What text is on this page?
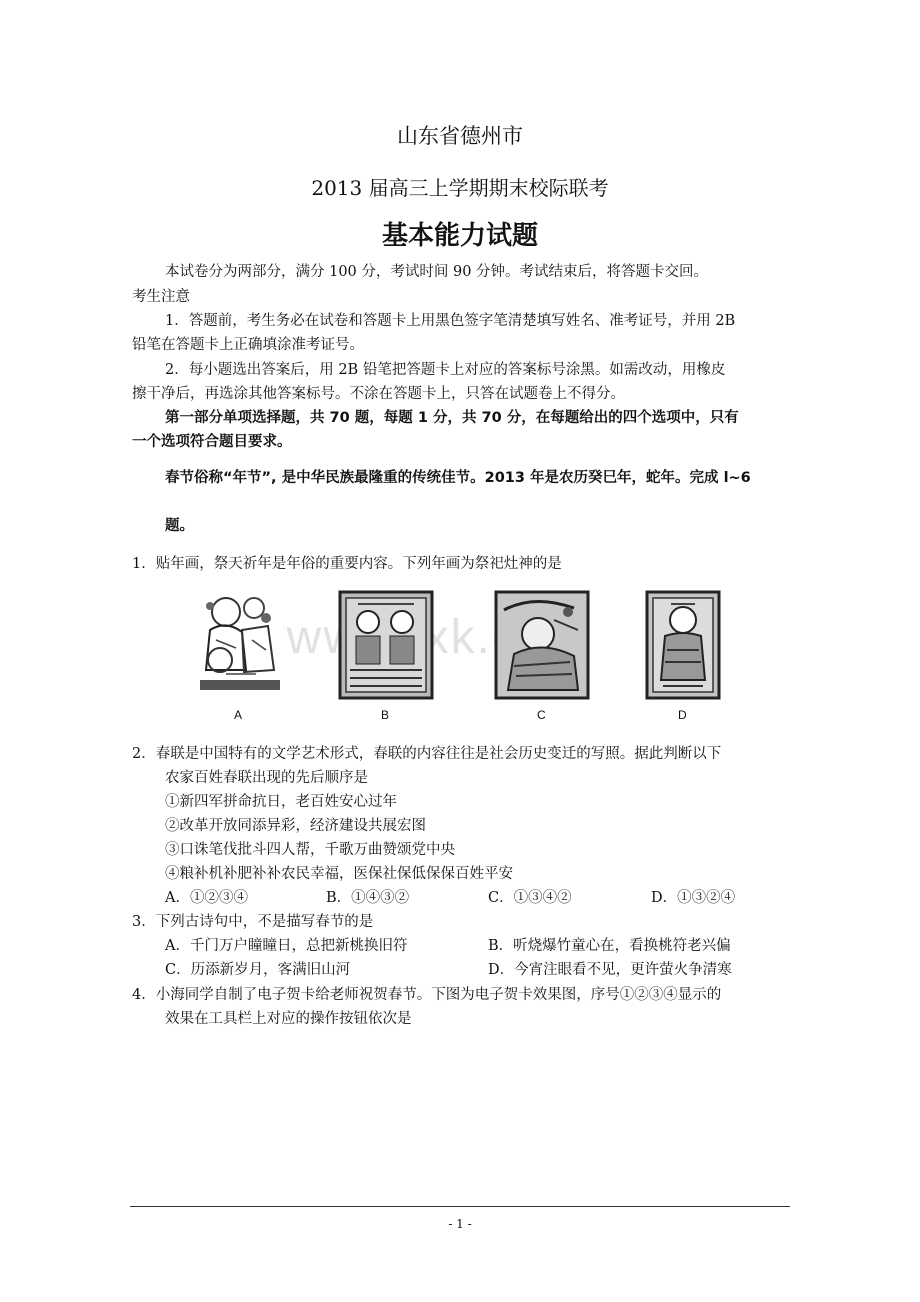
山东省德州市
2013 届高三上学期期末校际联考
基本能力试题
本试卷分为两部分，满分 100 分，考试时间 90 分钟。考试结束后，将答题卡交回。
考生注意
1．答题前，考生务必在试卷和答题卡上用黑色签字笔清楚填写姓名、准考证号，并用 2B
铅笔在答题卡上正确填涂准考证号。
2．每小题选出答案后，用 2B 铅笔把答题卡上对应的答案标号涂黑。如需改动，用橡皮
擦干净后，再选涂其他答案标号。不涂在答题卡上，只答在试题卷上不得分。
第一部分单项选择题，共 70 题，每题 1 分，共 70 分，在每题给出的四个选项中，只有
一个选项符合题目要求。
春节俗称“年节”, 是中华民族最隆重的传统佳节。2013 年是农历癸巳年，蛇年。完成 l~6
题。
1．贴年画，祭天祈年是年俗的重要内容。下列年画为祭祀灶神的是
A	B	C	D
2．春联是中国特有的文学艺术形式，春联的内容往往是社会历史变迁的写照。据此判断以下
农家百姓春联出现的先后顺序是
①新四军拼命抗日，老百姓安心过年
②改革开放同添异彩，经济建设共展宏图
③口诛笔伐批斗四人帮，千歌万曲赞颂党中央
④粮补机补肥补补农民幸福，医保社保低保保百姓平安
A．①②③④	B．①④③②	C．①③④②	D．①③②④
3．下列古诗句中，不是描写春节的是
A．千门万户瞳瞳日，总把新桃换旧符	B．听烧爆竹童心在，看换桃符老兴偏
C．历添新岁月，客满旧山河	D．今宵注眼看不见，更许萤火争清寒
4．小海同学自制了电子贺卡给老师祝贺春节。下图为电子贺卡效果图，序号①②③④显示的
效果在工具栏上对应的操作按钮依次是
- 1 -
